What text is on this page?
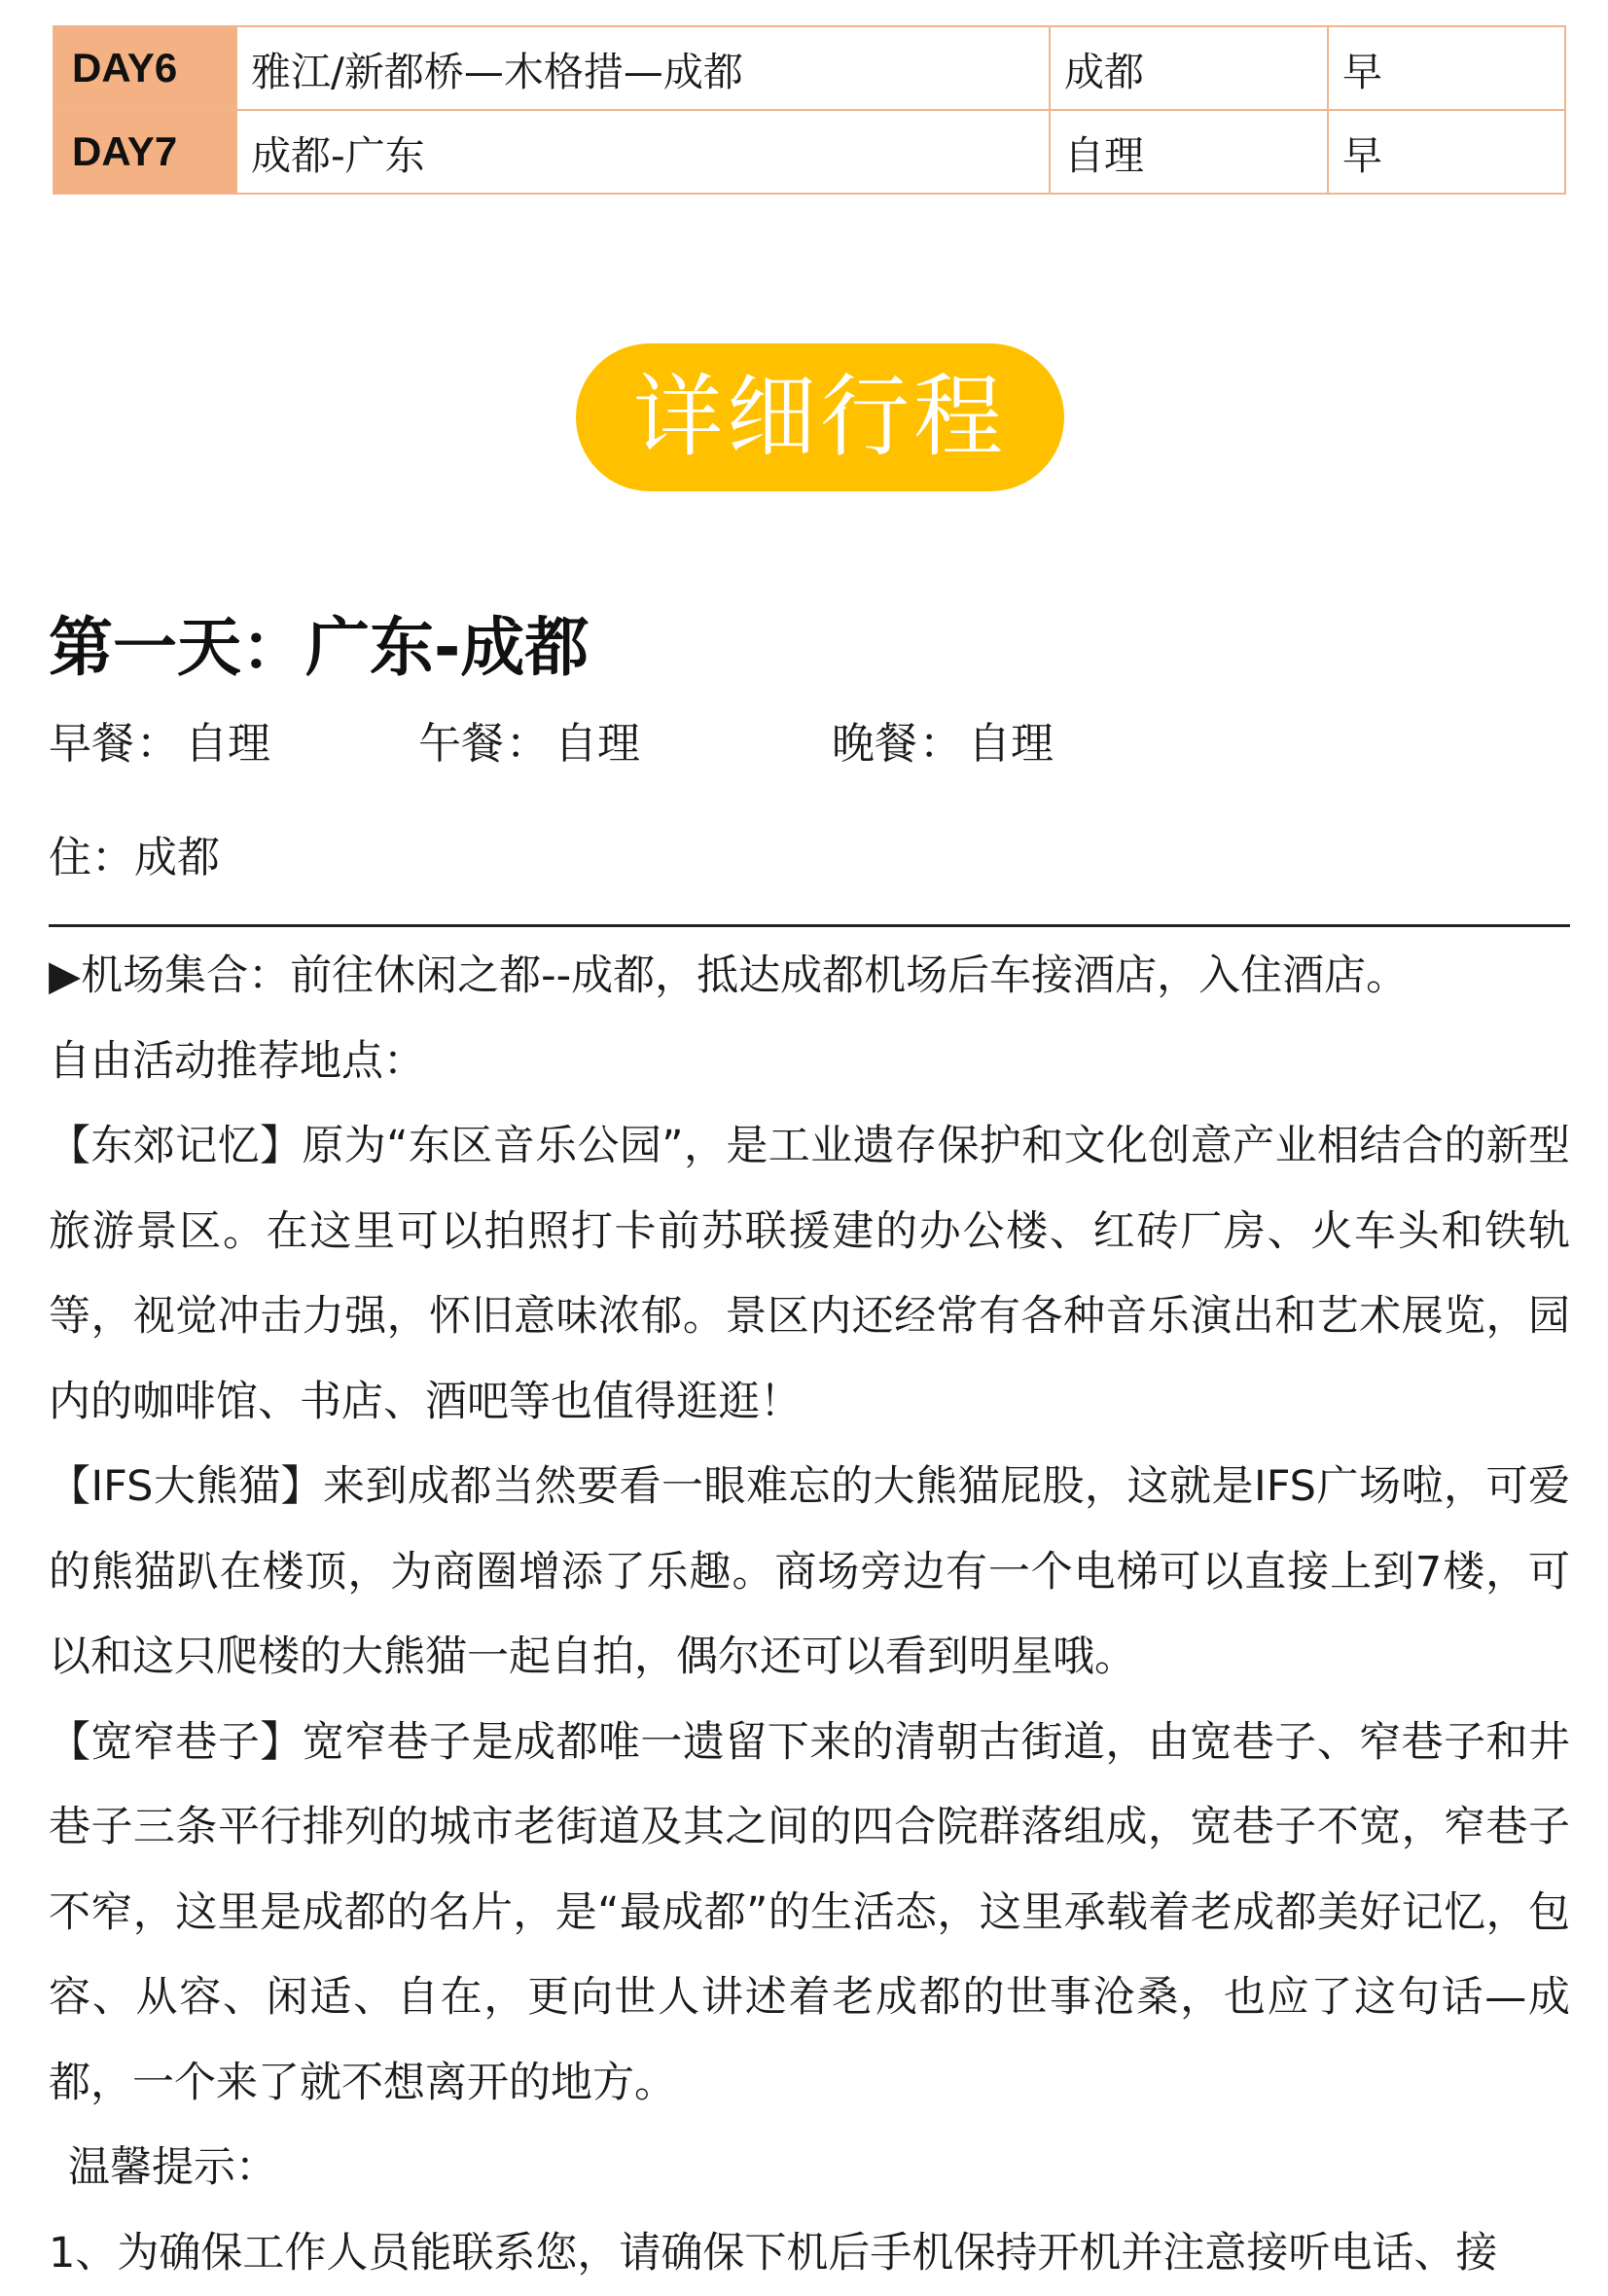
DAY6	雅江/新都桥—木格措—成都	成都	早
DAY7	成都-广东	自理	早
详细行程
第一天：广东-成都
早餐： 自理	午餐： 自理	晚餐： 自理
住：成都

▶机场集合：前往休闲之都--成都，抵达成都机场后车接酒店，入住酒店。

自由活动推荐地点：

【东郊记忆】原为“东区音乐公园”，是工业遗存保护和文化创意产业相结合的新型旅游景区。在这里可以拍照打卡前苏联援建的办公楼、红砖厂房、火车头和铁轨等，视觉冲击力强，怀旧意味浓郁。景区内还经常有各种音乐演出和艺术展览，园内的咖啡馆、书店、酒吧等也值得逛逛！

【IFS大熊猫】来到成都当然要看一眼难忘的大熊猫屁股，这就是IFS广场啦，可爱的熊猫趴在楼顶，为商圈增添了乐趣。商场旁边有一个电梯可以直接上到7楼，可以和这只爬楼的大熊猫一起自拍，偶尔还可以看到明星哦。

【宽窄巷子】宽窄巷子是成都唯一遗留下来的清朝古街道，由宽巷子、窄巷子和井巷子三条平行排列的城市老街道及其之间的四合院群落组成，宽巷子不宽，窄巷子不窄，这里是成都的名片，是“最成都”的生活态，这里承载着老成都美好记忆，包容、从容、闲适、自在，更向世人讲述着老成都的世事沧桑，也应了这句话—成都，一个来了就不想离开的地方。

温馨提示：

1、为确保工作人员能联系您，请确保下机后手机保持开机并注意接听电话、接
